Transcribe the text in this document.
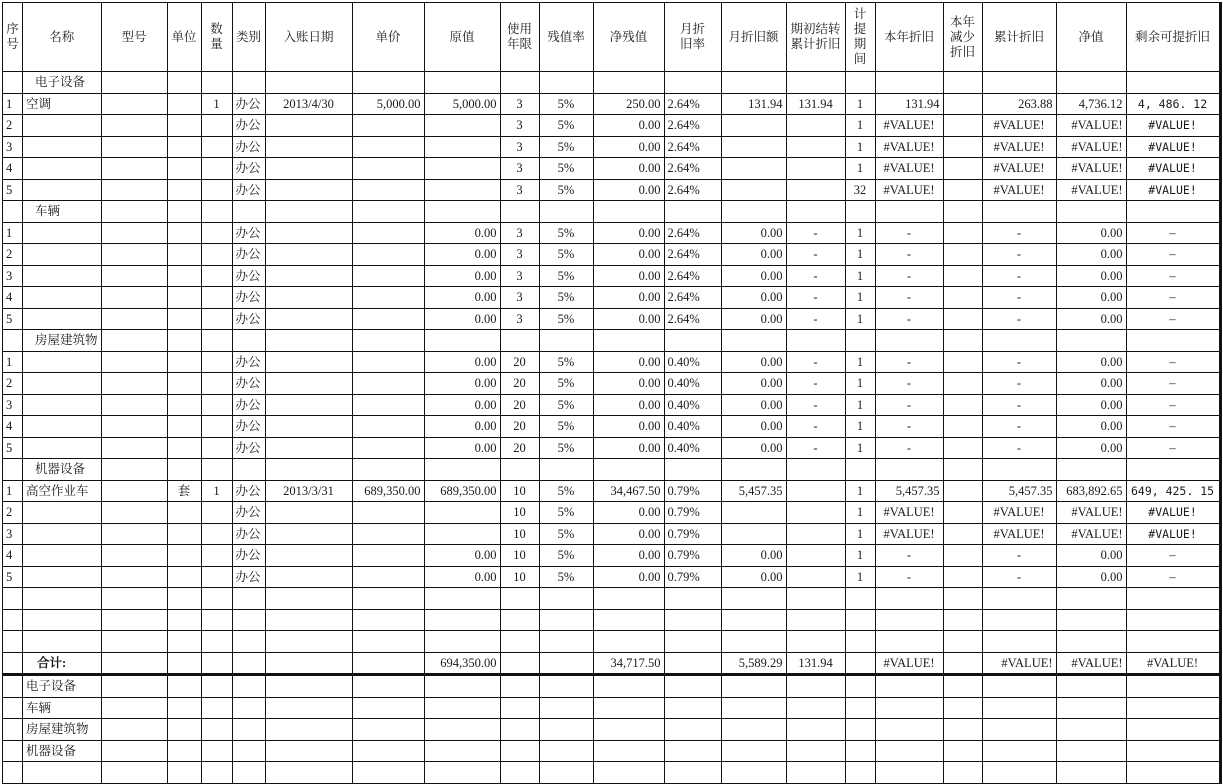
序号	名称	型号	单位	数量	类别	入账日期	单价	原值	使用年限	残值率	净残值	月折旧率	月折旧额	期初结转累计折旧	计提期间	本年折旧	本年减少折旧	累计折旧	净值	剩余可提折旧
	电子设备																			
1	空调			1	办公	2013/4/30	5,000.00	5,000.00	3	5%	250.00	2.64%	131.94	131.94	1	131.94		263.88	4,736.12	4, 486. 12
2					办公				3	5%	0.00	2.64%			1	#VALUE!		#VALUE!	#VALUE!	#VALUE!
3					办公				3	5%	0.00	2.64%			1	#VALUE!		#VALUE!	#VALUE!	#VALUE!
4					办公				3	5%	0.00	2.64%			1	#VALUE!		#VALUE!	#VALUE!	#VALUE!
5					办公				3	5%	0.00	2.64%			32	#VALUE!		#VALUE!	#VALUE!	#VALUE!
	车辆																			
1					办公			0.00	3	5%	0.00	2.64%	0.00	-	1	-		-	0.00	–
2					办公			0.00	3	5%	0.00	2.64%	0.00	-	1	-		-	0.00	–
3					办公			0.00	3	5%	0.00	2.64%	0.00	-	1	-		-	0.00	–
4					办公			0.00	3	5%	0.00	2.64%	0.00	-	1	-		-	0.00	–
5					办公			0.00	3	5%	0.00	2.64%	0.00	-	1	-		-	0.00	–
	房屋建筑物																			
1					办公			0.00	20	5%	0.00	0.40%	0.00	-	1	-		-	0.00	–
2					办公			0.00	20	5%	0.00	0.40%	0.00	-	1	-		-	0.00	–
3					办公			0.00	20	5%	0.00	0.40%	0.00	-	1	-		-	0.00	–
4					办公			0.00	20	5%	0.00	0.40%	0.00	-	1	-		-	0.00	–
5					办公			0.00	20	5%	0.00	0.40%	0.00	-	1	-		-	0.00	–
	机器设备																			
1	高空作业车		套	1	办公	2013/3/31	689,350.00	689,350.00	10	5%	34,467.50	0.79%	5,457.35		1	5,457.35		5,457.35	683,892.65	649, 425. 15
2					办公				10	5%	0.00	0.79%			1	#VALUE!		#VALUE!	#VALUE!	#VALUE!
3					办公				10	5%	0.00	0.79%			1	#VALUE!		#VALUE!	#VALUE!	#VALUE!
4					办公			0.00	10	5%	0.00	0.79%	0.00		1	-		-	0.00	–
5					办公			0.00	10	5%	0.00	0.79%	0.00		1	-		-	0.00	–

	合计:							694,350.00			34,717.50		5,589.29	131.94		#VALUE!		#VALUE!	#VALUE!	#VALUE!
	电子设备																			
	车辆																			
	房屋建筑物																			
	机器设备																			
